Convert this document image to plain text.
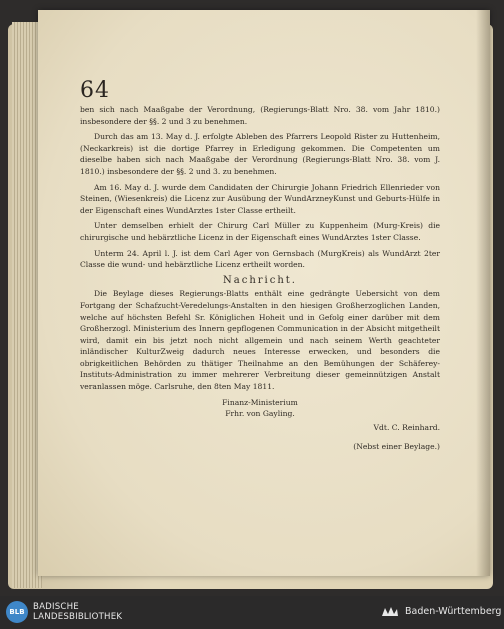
64

ben sich nach Maaßgabe der Verordnung, (Regierungs-Blatt Nro. 38. vom Jahr 1810.) insbesondere der §§. 2 und 3 zu benehmen.

Durch das am 13. May d. J. erfolgte Ableben des Pfarrers Leopold Rister zu Huttenheim, (Neckarkreis) ist die dortige Pfarrey in Erledigung gekommen. Die Competenten um dieselbe haben sich nach Maaßgabe der Verordnung (Regierungs-Blatt Nro. 38. vom J. 1810.) insbesondere der §§. 2 und 3. zu benehmen.

Am 16. May d. J. wurde dem Candidaten der Chirurgie Johann Friedrich Ellenrieder von Steinen, (Wiesenkreis) die Licenz zur Ausübung der WundArzneyKunst und Geburts-Hülfe in der Eigenschaft eines WundArztes 1ster Classe ertheilt.

Unter demselben erhielt der Chirurg Carl Müller zu Kuppenheim (Murg-Kreis) die chirurgische und hebärztliche Licenz in der Eigenschaft eines WundArztes 1ster Classe.

Unterm 24. April l. J. ist dem Carl Ager von Gernsbach (MurgKreis) als WundArzt 2ter Classe die wund- und hebärztliche Licenz ertheilt worden.

Nachricht.

Die Beylage dieses Regierungs-Blatts enthält eine gedrängte Uebersicht von dem Fortgang der Schafzucht-Veredelungs-Anstalten in den hiesigen Großherzoglichen Landen, welche auf höchsten Befehl Sr. Königlichen Hoheit und in Gefolg einer darüber mit dem Großherzogl. Ministerium des Innern gepflogenen Communication in der Absicht mitgetheilt wird, damit ein bis jetzt noch nicht allgemein und nach seinem Werth geachteter inländischer KulturZweig dadurch neues Interesse erwecken, und besonders die obrigkeitlichen Behörden zu thätiger Theilnahme an den Bemühungen der Schäferey-Instituts-Administration zu immer mehrerer Verbreitung dieser gemeinnützigen Anstalt veranlassen möge. Carlsruhe, den 8ten May 1811.

Finanz-Ministerium

Frhr. von Gayling.

Vdt. C. Reinhard.

(Nebst einer Beylage.)

BLB BADISCHE
LANDESBIBLIOTHEK	Baden-Württemberg
